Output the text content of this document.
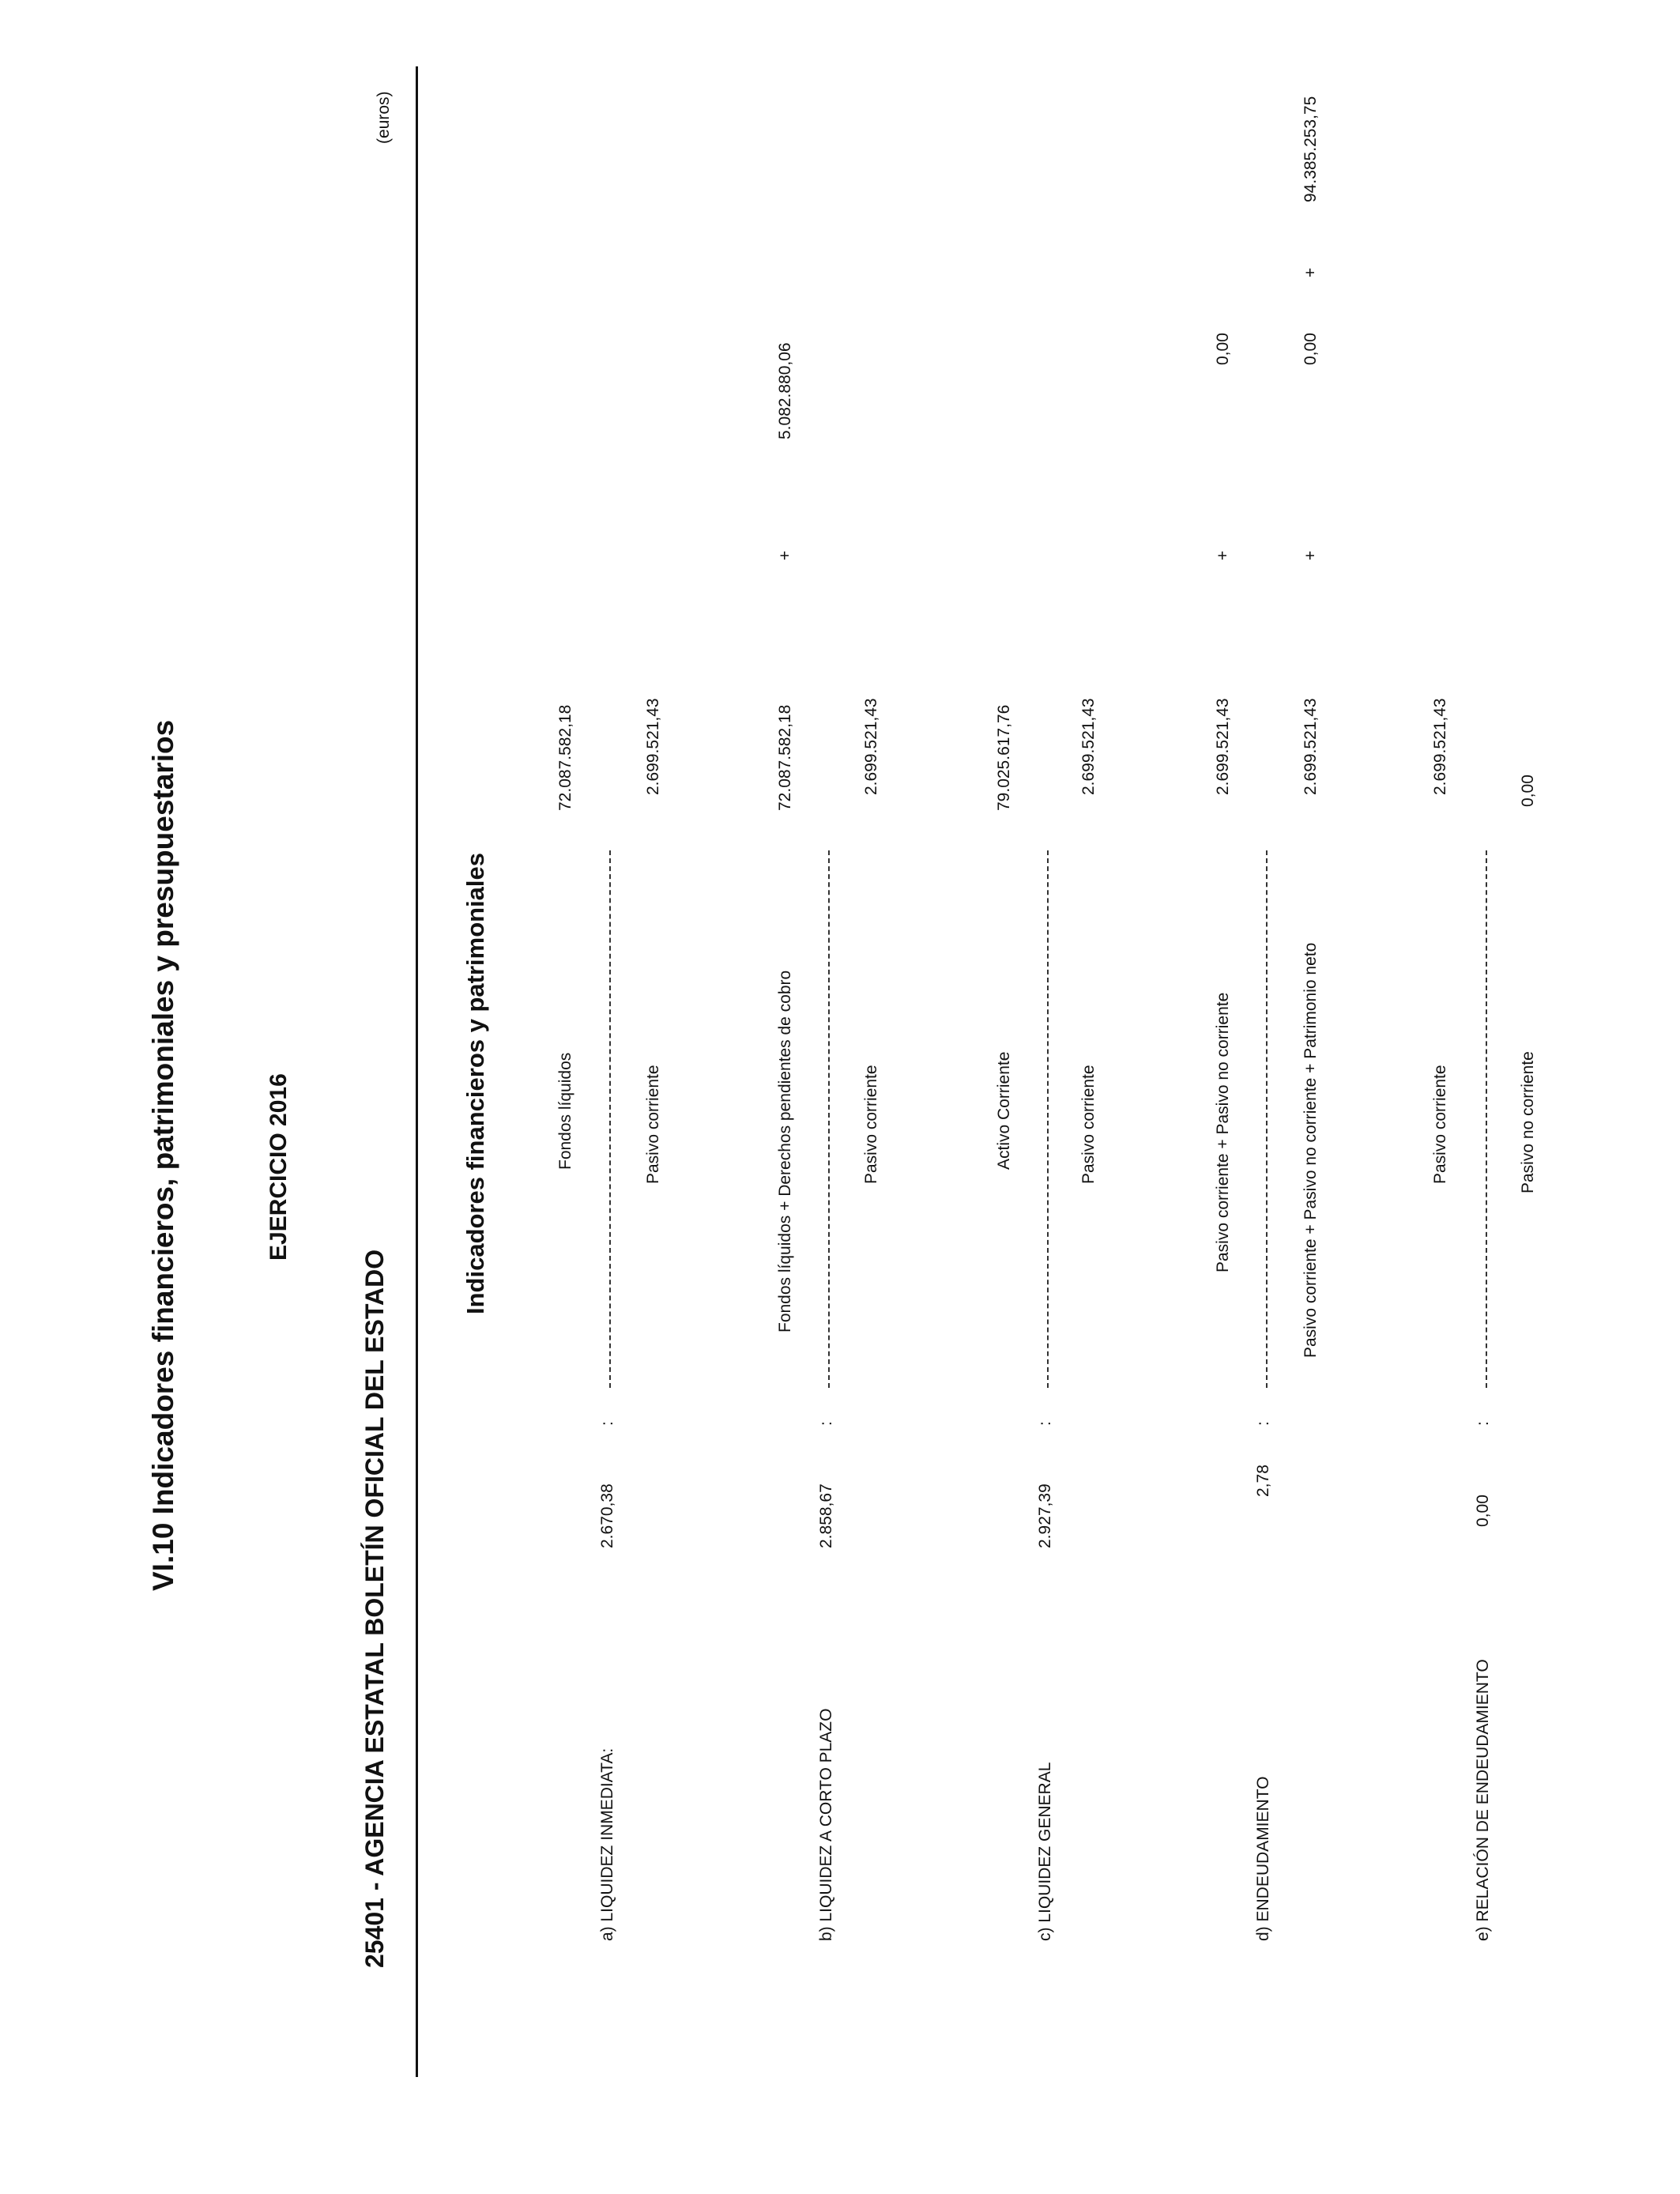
VI.10 Indicadores financieros, patrimoniales y presupuestarios	EJERCICIO 2016
25401 - AGENCIA ESTATAL BOLETÍN OFICIAL DEL ESTADO
(euros)
Indicadores financieros y patrimoniales
a) LIQUIDEZ INMEDIATA:
2.670,38
:
Fondos líquidos
72.087.582,18
Pasivo corriente
2.699.521,43
b) LIQUIDEZ A CORTO PLAZO
2.858,67
:
Fondos líquidos + Derechos pendientes de cobro
72.087.582,18
+
5.082.880,06
Pasivo corriente
2.699.521,43
c) LIQUIDEZ GENERAL
2.927,39
:
Activo Corriente
79.025.617,76
Pasivo corriente
2.699.521,43
d) ENDEUDAMIENTO
2,78
:
Pasivo corriente + Pasivo no corriente
2.699.521,43
+
0,00
Pasivo corriente + Pasivo no corriente + Patrimonio neto
2.699.521,43
+
0,00
+
94.385.253,75
e) RELACIÓN DE ENDEUDAMIENTO
0,00
:
Pasivo corriente
2.699.521,43
Pasivo no corriente
0,00
